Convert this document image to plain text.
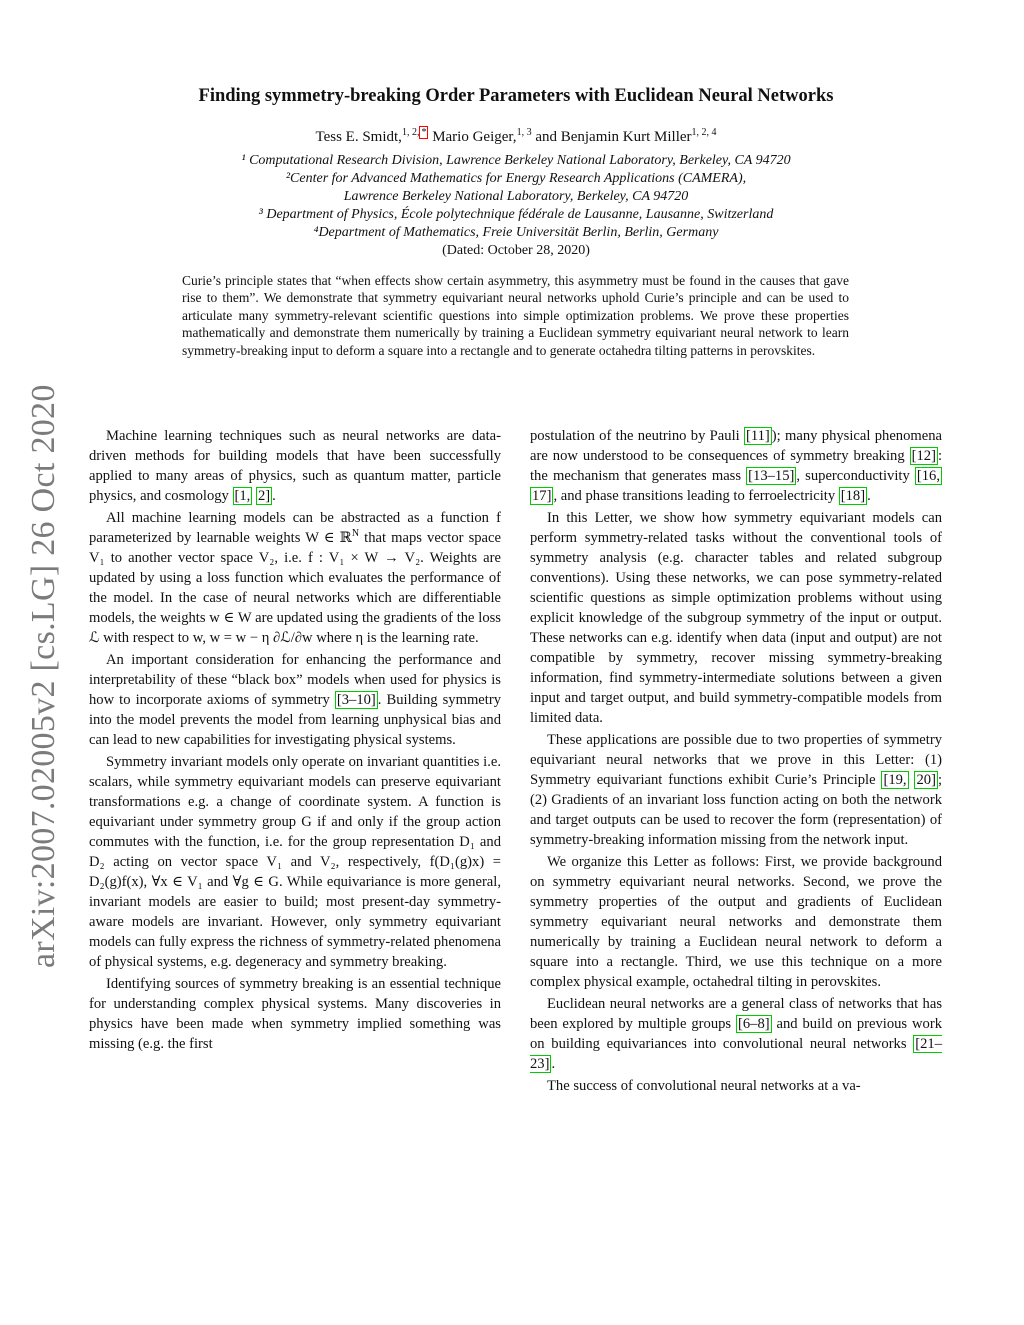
arXiv:2007.02005v2 [cs.LG] 26 Oct 2020
Finding symmetry-breaking Order Parameters with Euclidean Neural Networks
Tess E. Smidt,$^{1, 2,}$ * Mario Geiger,$^{1, 3}$ and Benjamin Kurt Miller$^{1, 2, 4}$
¹ Computational Research Division, Lawrence Berkeley National Laboratory, Berkeley, CA 94720
²Center for Advanced Mathematics for Energy Research Applications (CAMERA),
Lawrence Berkeley National Laboratory, Berkeley, CA 94720
³ Department of Physics, École polytechnique fédérale de Lausanne, Lausanne, Switzerland
⁴Department of Mathematics, Freie Universität Berlin, Berlin, Germany
(Dated: October 28, 2020)
Curie’s principle states that “when effects show certain asymmetry, this asymmetry must be found in the causes that gave rise to them”. We demonstrate that symmetry equivariant neural networks uphold Curie’s principle and can be used to articulate many symmetry-relevant scientific questions into simple optimization problems. We prove these properties mathematically and demonstrate them numerically by training a Euclidean symmetry equivariant neural network to learn symmetry-breaking input to deform a square into a rectangle and to generate octahedra tilting patterns in perovskites.

Machine learning techniques such as neural networks are data-driven methods for building models that have been successfully applied to many areas of physics, such as quantum matter, particle physics, and cosmology [1, 2] .

All machine learning models can be abstracted as a function f parameterized by learnable weights W ∈ ℝ$^N$ that maps vector space V₁ to another vector space V₂, i.e. f : V₁ × W → V₂. Weights are updated by using a loss function which evaluates the performance of the model. In the case of neural networks which are differentiable models, the weights w ∈ W are updated using the gradients of the loss ℒ with respect to w, w = w − η ∂ℒ/∂w where η is the learning rate.

An important consideration for enhancing the performance and interpretability of these “black box” models when used for physics is how to incorporate axioms of symmetry [3–10] . Building symmetry into the model prevents the model from learning unphysical bias and can lead to new capabilities for investigating physical systems.

Symmetry invariant models only operate on invariant quantities i.e. scalars, while symmetry equivariant models can preserve equivariant transformations e.g. a change of coordinate system. A function is equivariant under symmetry group G if and only if the group action commutes with the function, i.e. for the group representation D₁ and D₂ acting on vector space V₁ and V₂, respectively, f(D₁(g)x) = D₂(g)f(x), ∀x ∈ V₁ and ∀g ∈ G. While equivariance is more general, invariant models are easier to build; most present-day symmetry-aware models are invariant. However, only symmetry equivariant models can fully express the richness of symmetry-related phenomena of physical systems, e.g. degeneracy and symmetry breaking.

Identifying sources of symmetry breaking is an essential technique for understanding complex physical systems. Many discoveries in physics have been made when symmetry implied something was missing (e.g. the first

postulation of the neutrino by Pauli [11] ); many physical phenomena are now understood to be consequences of symmetry breaking [12] : the mechanism that generates mass [13–15] , superconductivity [16, 17] , and phase transitions leading to ferroelectricity [18] .

In this Letter, we show how symmetry equivariant models can perform symmetry-related tasks without the conventional tools of symmetry analysis (e.g. character tables and related subgroup conventions). Using these networks, we can pose symmetry-related scientific questions as simple optimization problems without using explicit knowledge of the subgroup symmetry of the input or output. These networks can e.g. identify when data (input and output) are not compatible by symmetry, recover missing symmetry-breaking information, find symmetry-intermediate solutions between a given input and target output, and build symmetry-compatible models from limited data.

These applications are possible due to two properties of symmetry equivariant neural networks that we prove in this Letter: (1) Symmetry equivariant functions exhibit Curie’s Principle [19, 20] ; (2) Gradients of an invariant loss function acting on both the network and target outputs can be used to recover the form (representation) of symmetry-breaking information missing from the network input.

We organize this Letter as follows: First, we provide background on symmetry equivariant neural networks. Second, we prove the symmetry properties of the output and gradients of Euclidean symmetry equivariant neural networks and demonstrate them numerically by training a Euclidean neural network to deform a square into a rectangle. Third, we use this technique on a more complex physical example, octahedral tilting in perovskites.

Euclidean neural networks are a general class of networks that has been explored by multiple groups [6–8] and build on previous work on building equivariances into convolutional neural networks [21–23] .

The success of convolutional neural networks at a va-
